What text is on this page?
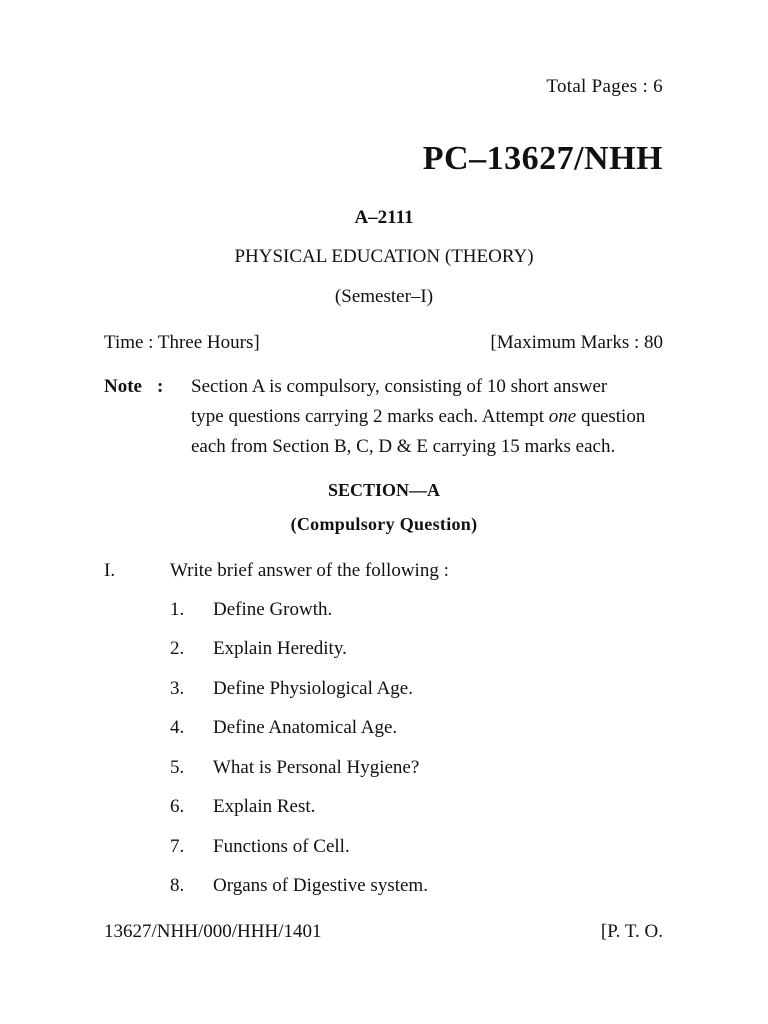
Total Pages : 6
PC–13627/NHH
A–2111
PHYSICAL EDUCATION (THEORY)
(Semester–I)
Time : Three Hours]	[Maximum Marks : 80
Note : Section A is compulsory, consisting of 10 short answer
type questions carrying 2 marks each. Attempt one question
each from Section B, C, D & E carrying 15 marks each.
SECTION—A
(Compulsory Question)
I.	Write brief answer of the following :
1. Define Growth.
2. Explain Heredity.
3. Define Physiological Age.
4. Define Anatomical Age.
5. What is Personal Hygiene?
6. Explain Rest.
7. Functions of Cell.
8. Organs of Digestive system.
13627/NHH/000/HHH/1401	[P. T. O.
